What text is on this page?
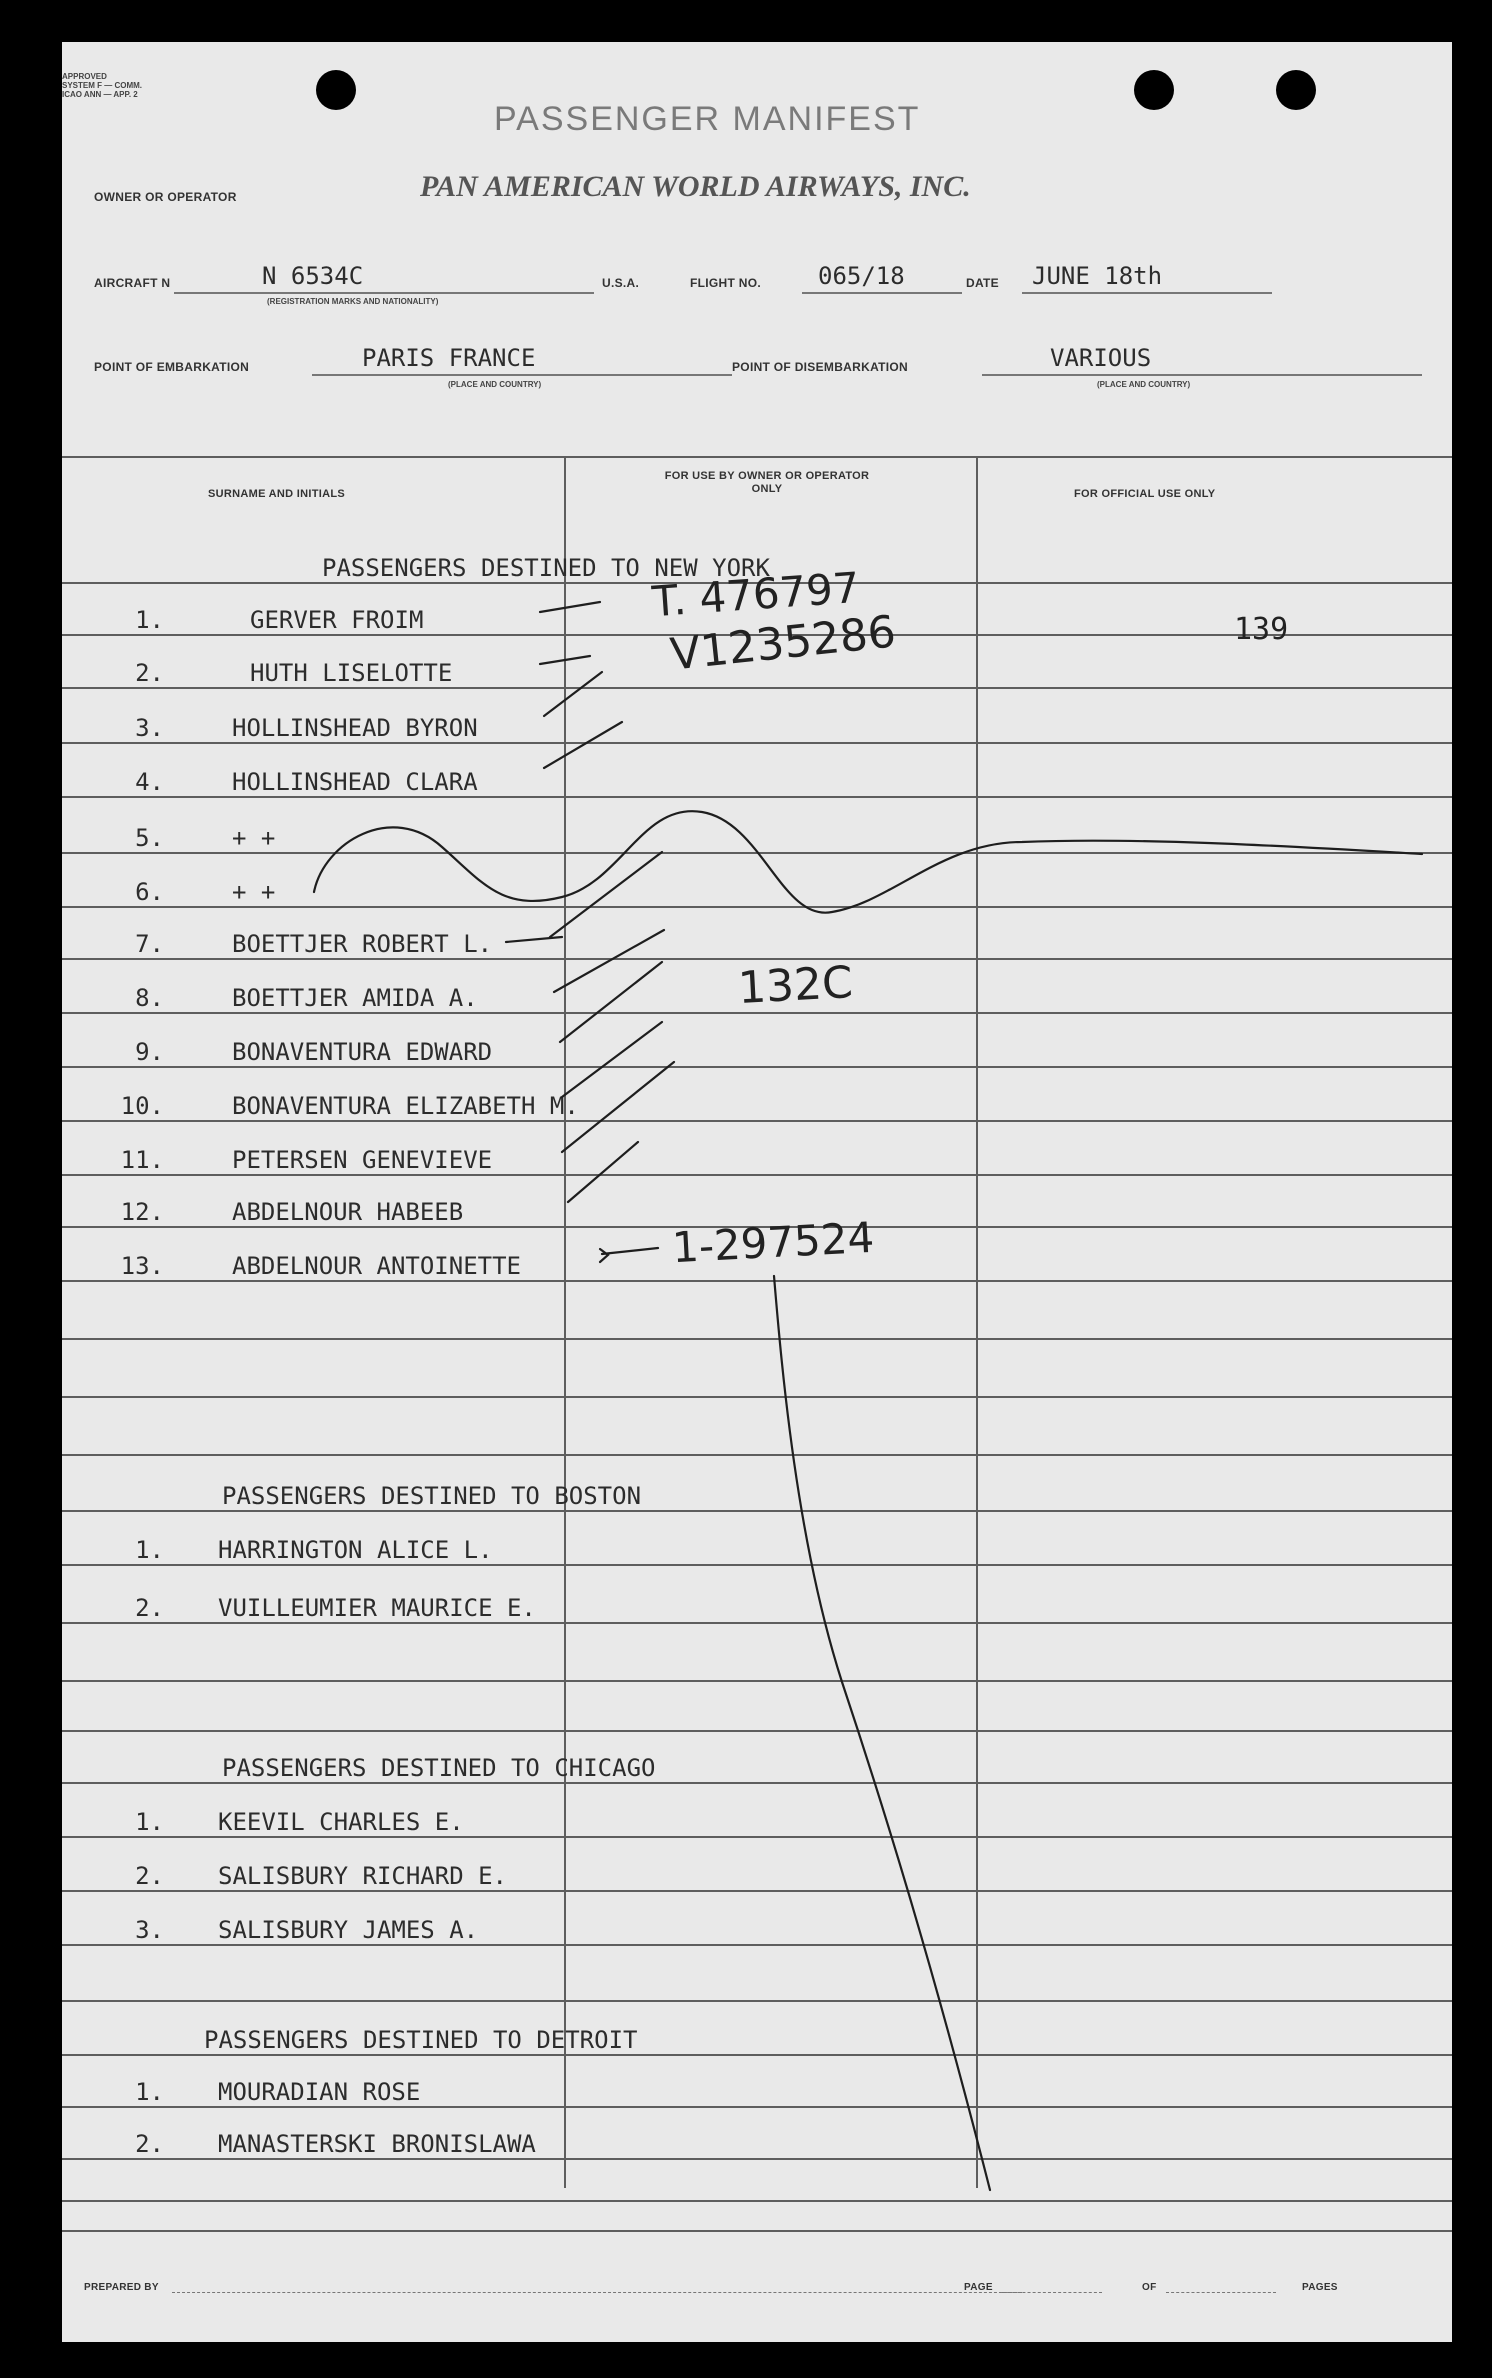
APPROVED
SYSTEM F — COMM.
ICAO ANN — APP. 2
PASSENGER MANIFEST
OWNER OR OPERATOR	PAN AMERICAN WORLD AIRWAYS, INC.
AIRCRAFT N	N 6534C	U.S.A.
(REGISTRATION MARKS AND NATIONALITY)
FLIGHT NO. 065/18	DATE JUNE 18th
POINT OF EMBARKATION	PARIS FRANCE
(PLACE AND COUNTRY)
POINT OF DISEMBARKATION	VARIOUS
(PLACE AND COUNTRY)
SURNAME AND INITIALS
FOR USE BY OWNER OR OPERATOR ONLY	FOR OFFICIAL USE ONLY
PASSENGERS DESTINED TO NEW YORK
1.	GERVER FROIM
2.	HUTH LISELOTTE
3.	HOLLINSHEAD BYRON
4.	HOLLINSHEAD CLARA
5.	+ +
6.	+ +
7.	BOETTJER ROBERT L.
8.	BOETTJER AMIDA A.
9.	BONAVENTURA EDWARD
10.	BONAVENTURA ELIZABETH M.
11.	PETERSEN GENEVIEVE
12.	ABDELNOUR HABEEB
13.	ABDELNOUR ANTOINETTE
PASSENGERS DESTINED TO BOSTON
1. HARRINGTON ALICE L.
2. VUILLEUMIER MAURICE E.
PASSENGERS DESTINED TO CHICAGO
1. KEEVIL CHARLES E.
2. SALISBURY RICHARD E.
3. SALISBURY JAMES A.
PASSENGERS DESTINED TO DETROIT
1. MOURADIAN ROSE
2. MANASTERSKI BRONISLAWA
T. 476797
V1235286
132C
1-297524
139
PREPARED BY	PAGE	OF	PAGES
